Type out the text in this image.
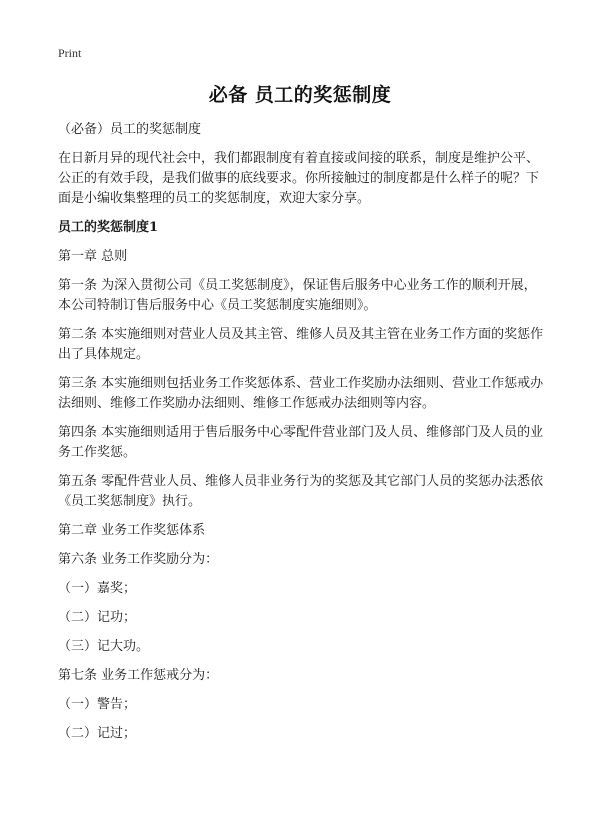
Print
必备 员工的奖惩制度
（必备）员工的奖惩制度
在日新月异的现代社会中，我们都跟制度有着直接或间接的联系，制度是维护公平、公正的有效手段，是我们做事的底线要求。你所接触过的制度都是什么样子的呢？下面是小编收集整理的员工的奖惩制度，欢迎大家分享。
员工的奖惩制度1
第一章 总则
第一条 为深入贯彻公司《员工奖惩制度》，保证售后服务中心业务工作的顺利开展，本公司特制订售后服务中心《员工奖惩制度实施细则》。
第二条 本实施细则对营业人员及其主管、维修人员及其主管在业务工作方面的奖惩作出了具体规定。
第三条 本实施细则包括业务工作奖惩体系、营业工作奖励办法细则、营业工作惩戒办法细则、维修工作奖励办法细则、维修工作惩戒办法细则等内容。
第四条 本实施细则适用于售后服务中心零配件营业部门及人员、维修部门及人员的业务工作奖惩。
第五条 零配件营业人员、维修人员非业务行为的奖惩及其它部门人员的奖惩办法悉依《员工奖惩制度》执行。
第二章 业务工作奖惩体系
第六条 业务工作奖励分为：
（一）嘉奖；
（二）记功；
（三）记大功。
第七条 业务工作惩戒分为：
（一）警告；
（二）记过；
